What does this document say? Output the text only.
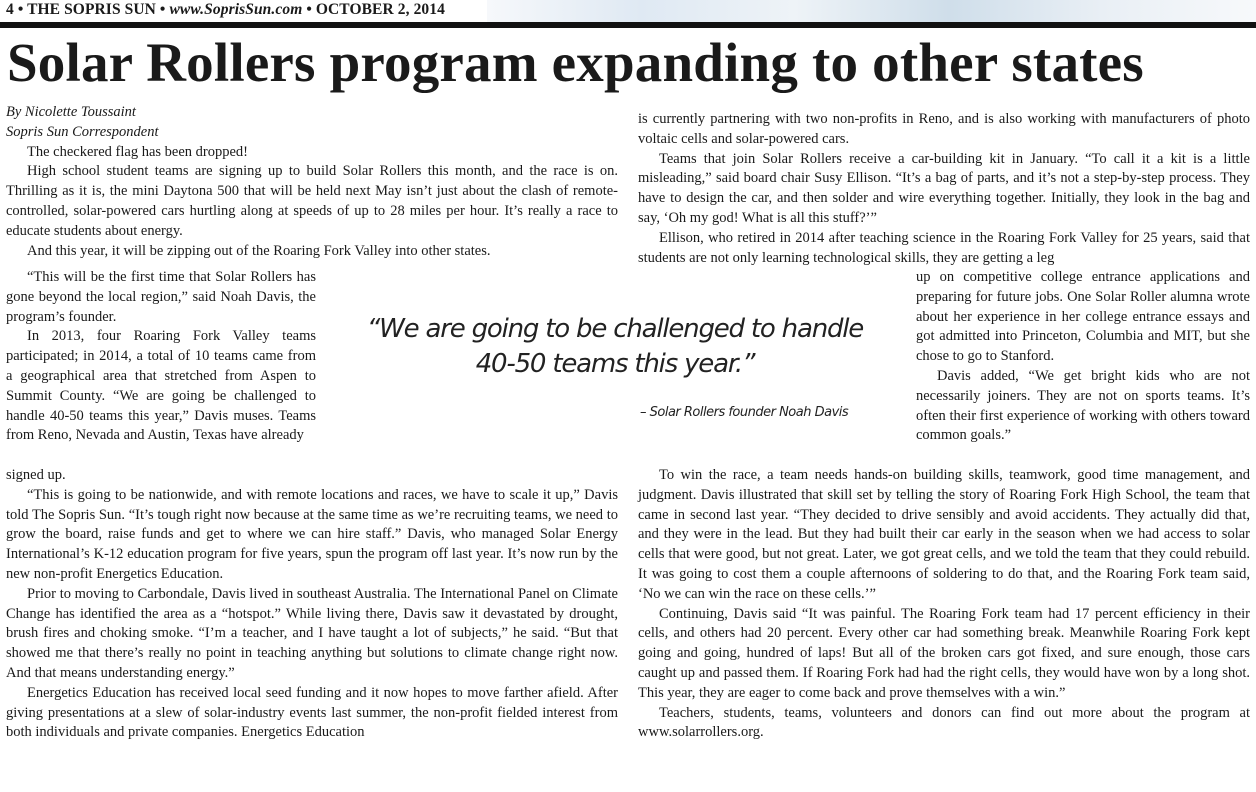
4 • THE SOPRIS SUN • www.SoprisSun.com • OCTOBER 2, 2014
Solar Rollers program expanding to other states

By Nicolette Toussaint

Sopris Sun Correspondent

The checkered flag has been dropped!

High school student teams are signing up to build Solar Rollers this month, and the race is on. Thrilling as it is, the mini Daytona 500 that will be held next May isn’t just about the clash of remote-controlled, solar-powered cars hurtling along at speeds of up to 28 miles per hour. It’s really a race to educate students about energy.

And this year, it will be zipping out of the Roaring Fork Valley into other states.

“This will be the first time that Solar Rollers has gone beyond the local region,” said Noah Davis, the program’s founder.

In 2013, four Roaring Fork Valley teams participated; in 2014, a total of 10 teams came from a geographical area that stretched from Aspen to Summit County. “We are going be challenged to handle 40-50 teams this year,” Davis muses. Teams from Reno, Nevada and Austin, Texas have already

signed up.

“This is going to be nationwide, and with remote locations and races, we have to scale it up,” Davis told The Sopris Sun. “It’s tough right now because at the same time as we’re recruiting teams, we need to grow the board, raise funds and get to where we can hire staff.” Davis, who managed Solar Energy International’s K-12 education program for five years, spun the program off last year. It’s now run by the new non-profit Energetics Education.

Prior to moving to Carbondale, Davis lived in southeast Australia. The International Panel on Climate Change has identified the area as a “hotspot.” While living there, Davis saw it devastated by drought, brush fires and choking smoke. “I’m a teacher, and I have taught a lot of subjects,” he said. “But that showed me that there’s really no point in teaching anything but solutions to climate change right now. And that means understanding energy.”

Energetics Education has received local seed funding and it now hopes to move farther afield. After giving presentations at a slew of solar-industry events last summer, the non-profit fielded interest from both individuals and private companies. Energetics Education

“We are going to be challenged to handle
40-50 teams this year.”
– Solar Rollers founder Noah Davis

is currently partnering with two non-profits in Reno, and is also working with manufacturers of photo voltaic cells and solar-powered cars.

Teams that join Solar Rollers receive a car-building kit in January. “To call it a kit is a little misleading,” said board chair Susy Ellison. “It’s a bag of parts, and it’s not a step-by-step process. They have to design the car, and then solder and wire everything together. Initially, they look in the bag and say, ‘Oh my god! What is all this stuff?’”

Ellison, who retired in 2014 after teaching science in the Roaring Fork Valley for 25 years, said that students are not only learning technological skills, they are getting a leg

up on competitive college entrance applications and preparing for future jobs. One Solar Roller alumna wrote about her experience in her college entrance essays and got admitted into Princeton, Columbia and MIT, but she chose to go to Stanford.

Davis added, “We get bright kids who are not necessarily joiners. They are not on sports teams. It’s often their first experience of working with others toward common goals.”

To win the race, a team needs hands-on building skills, teamwork, good time management, and judgment. Davis illustrated that skill set by telling the story of Roaring Fork High School, the team that came in second last year. “They decided to drive sensibly and avoid accidents. They actually did that, and they were in the lead. But they had built their car early in the season when we had access to solar cells that were good, but not great. Later, we got great cells, and we told the team that they could rebuild. It was going to cost them a couple afternoons of soldering to do that, and the Roaring Fork team said, ‘No we can win the race on these cells.’”

Continuing, Davis said “It was painful. The Roaring Fork team had 17 percent efficiency in their cells, and others had 20 percent. Every other car had something break. Meanwhile Roaring Fork kept going and going, hundred of laps! But all of the broken cars got fixed, and sure enough, those cars caught up and passed them. If Roaring Fork had had the right cells, they would have won by a long shot. This year, they are eager to come back and prove themselves with a win.”

Teachers, students, teams, volunteers and donors can find out more about the program at www.solarrollers.org.
